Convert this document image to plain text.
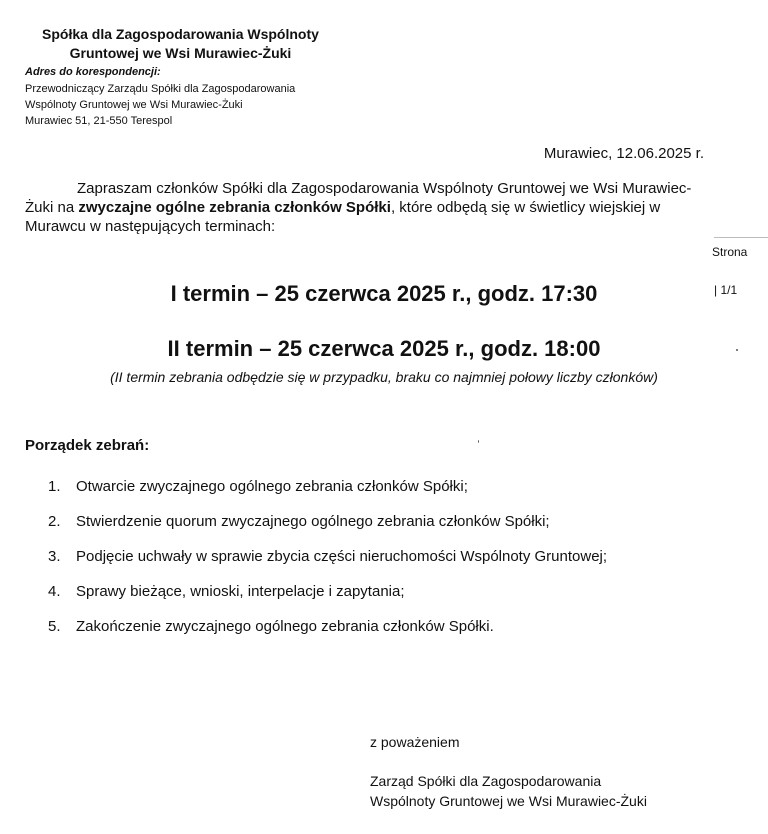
Spółka dla Zagospodarowania Wspólnoty
Gruntowej we Wsi Murawiec-Żuki
Adres do korespondencji:
Przewodniczący Zarządu Spółki dla Zagospodarowania
Wspólnoty Gruntowej we Wsi Murawiec-Żuki
Murawiec 51, 21-550 Terespol
Murawiec, 12.06.2025 r.
Zapraszam członków Spółki dla Zagospodarowania Wspólnoty Gruntowej we Wsi Murawiec-Żuki na zwyczajne ogólne zebrania członków Spółki, które odbędą się w świetlicy wiejskiej w Murawcu w następujących terminach:
Strona
| 1/1
I termin – 25 czerwca 2025 r., godz. 17:30
II termin – 25 czerwca 2025 r., godz. 18:00
(II termin zebrania odbędzie się w przypadku, braku co najmniej połowy liczby członków)
Porządek zebrań:
1. Otwarcie zwyczajnego ogólnego zebrania członków Spółki;
2. Stwierdzenie quorum zwyczajnego ogólnego zebrania członków Spółki;
3. Podjęcie uchwały w sprawie zbycia części nieruchomości Wspólnoty Gruntowej;
4. Sprawy bieżące, wnioski, interpelacje i zapytania;
5. Zakończenie zwyczajnego ogólnego zebrania członków Spółki.
z poważeniem
Zarząd Spółki dla Zagospodarowania
Wspólnoty Gruntowej we Wsi Murawiec-Żuki
